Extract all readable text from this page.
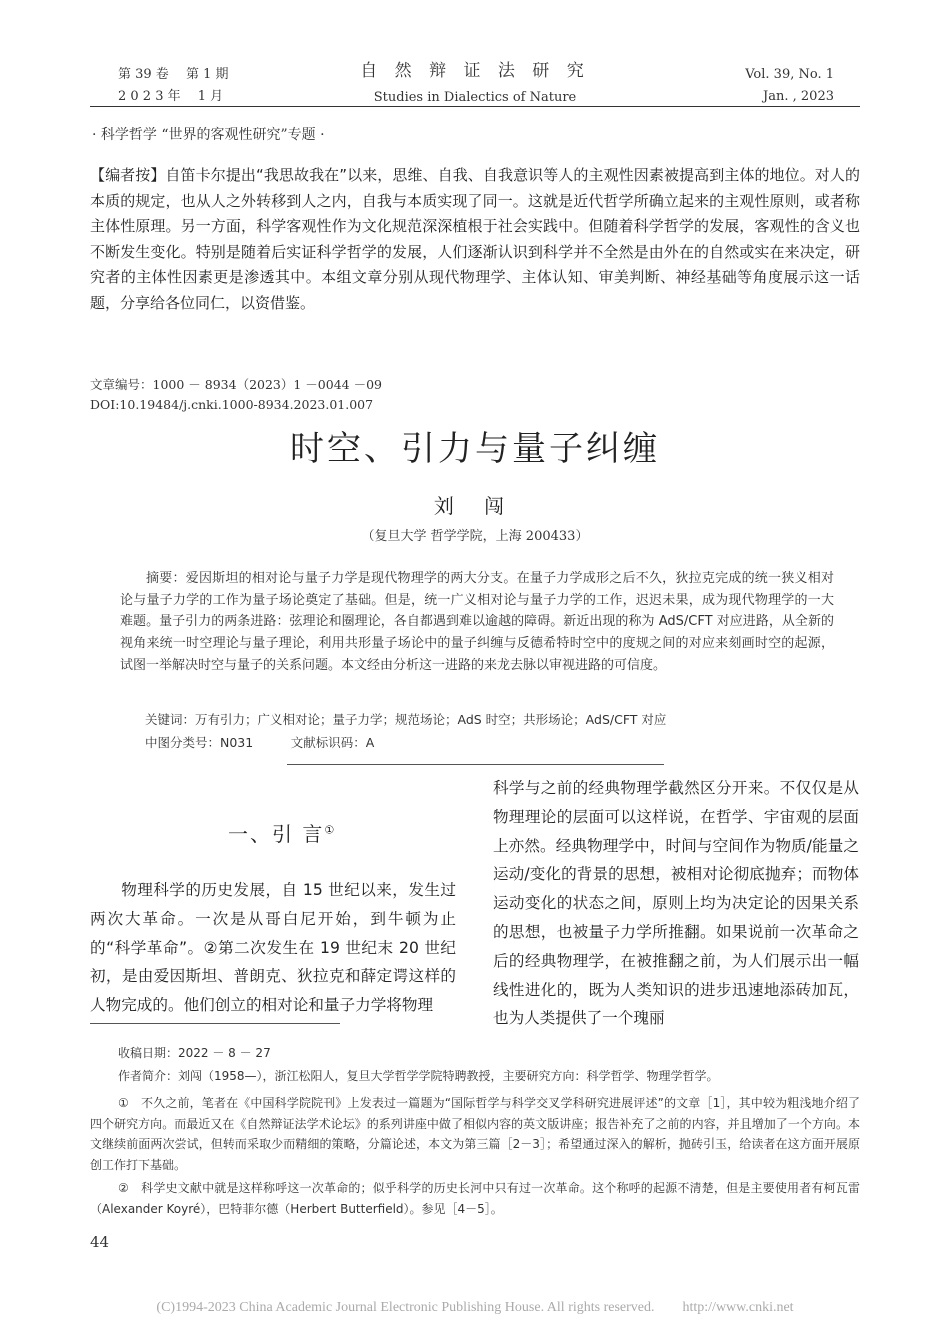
第 39 卷　 第 1 期
2 0 2 3 年　 1 月
自 然 辩 证 法 研 究
Studies in Dialectics of Nature
Vol. 39, No. 1
Jan. , 2023
· 科学哲学 “世界的客观性研究”专题 ·
【编者按】自笛卡尔提出“我思故我在”以来，思维、自我、自我意识等人的主观性因素被提高到主体的地位。对人的本质的规定，也从人之外转移到人之内，自我与本质实现了同一。这就是近代哲学所确立起来的主观性原则，或者称主体性原理。另一方面，科学客观性作为文化规范深深植根于社会实践中。但随着科学哲学的发展，客观性的含义也不断发生变化。特别是随着后实证科学哲学的发展，人们逐渐认识到科学并不全然是由外在的自然或实在来决定，研究者的主体性因素更是渗透其中。本组文章分别从现代物理学、主体认知、审美判断、神经基础等角度展示这一话题，分享给各位同仁，以资借鉴。
文章编号：1000 － 8934（2023）1 －0044 －09
DOI:10.19484/j.cnki.1000-8934.2023.01.007
时空、引力与量子纠缠
刘 闯
（复旦大学 哲学学院，上海 200433）

摘要：爱因斯坦的相对论与量子力学是现代物理学的两大分支。在量子力学成形之后不久，狄拉克完成的统一狭义相对论与量子力学的工作为量子场论奠定了基础。但是，统一广义相对论与量子力学的工作，迟迟未果，成为现代物理学的一大难题。量子引力的两条进路：弦理论和圈理论，各自都遇到难以逾越的障碍。新近出现的称为 AdS/CFT 对应进路，从全新的视角来统一时空理论与量子理论，利用共形量子场论中的量子纠缠与反德希特时空中的度规之间的对应来刻画时空的起源，试图一举解决时空与量子的关系问题。本文经由分析这一进路的来龙去脉以审视进路的可信度。

关键词：万有引力；广义相对论；量子力学；规范场论；AdS 时空；共形场论；AdS/CFT 对应
中图分类号：N031　　　文献标识码：A
一、引 言①

物理科学的历史发展，自 15 世纪以来，发生过两次大革命。一次是从哥白尼开始，到牛顿为止的“科学革命”。②第二次发生在 19 世纪末 20 世纪初，是由爱因斯坦、普朗克、狄拉克和薛定谔这样的人物完成的。他们创立的相对论和量子力学将物理

科学与之前的经典物理学截然区分开来。不仅仅是从物理理论的层面可以这样说，在哲学、宇宙观的层面上亦然。经典物理学中，时间与空间作为物质/能量之运动/变化的背景的思想，被相对论彻底抛弃；而物体运动变化的状态之间，原则上均为决定论的因果关系的思想，也被量子力学所推翻。如果说前一次革命之后的经典物理学，在被推翻之前，为人们展示出一幅线性进化的，既为人类知识的进步迅速地添砖加瓦，也为人类提供了一个瑰丽

收稿日期：2022 － 8 － 27
作者简介：刘闯（1958—），浙江松阳人，复旦大学哲学学院特聘教授，主要研究方向：科学哲学、物理学哲学。

①　不久之前，笔者在《中国科学院院刊》上发表过一篇题为“国际哲学与科学交叉学科研究进展评述”的文章［1］，其中较为粗浅地介绍了四个研究方向。而最近又在《自然辩证法学术论坛》的系列讲座中做了相似内容的英文版讲座；报告补充了之前的内容，并且增加了一个方向。本文继续前面两次尝试，但转而采取少而精细的策略，分篇论述，本文为第三篇［2－3］；希望通过深入的解析，抛砖引玉，给读者在这方面开展原创工作打下基础。

②　科学史文献中就是这样称呼这一次革命的；似乎科学的历史长河中只有过一次革命。这个称呼的起源不清楚，但是主要使用者有柯瓦雷（Alexander Koyré），巴特菲尔德（Herbert Butterfield）。参见［4－5］。

44
(C)1994-2023 China Academic Journal Electronic Publishing House. All rights reserved.　　http://www.cnki.net
